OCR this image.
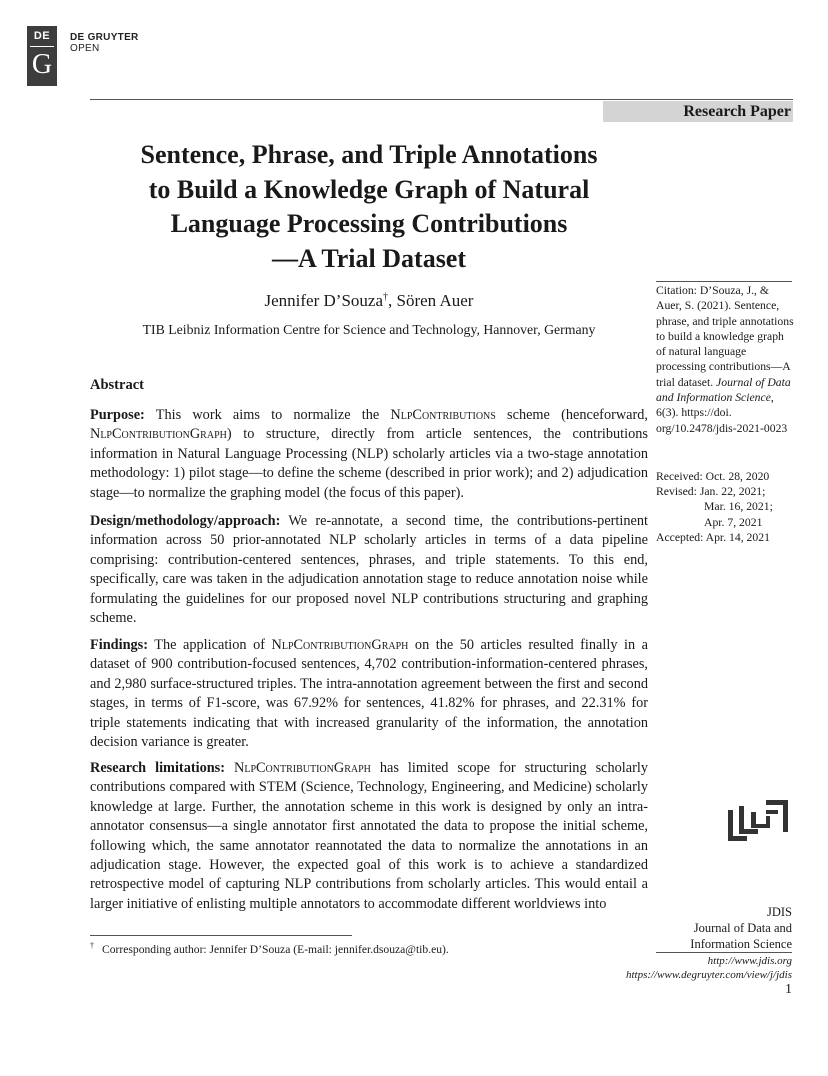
DE
G
DE GRUYTER
OPEN
Research Paper
Sentence, Phrase, and Triple Annotations
to Build a Knowledge Graph of Natural
Language Processing Contributions
—A Trial Dataset
Jennifer D’Souza†, Sören Auer
TIB Leibniz Information Centre for Science and Technology, Hannover, Germany
Abstract
Purpose: This work aims to normalize the NlpContributions scheme (henceforward, NlpContributionGraph) to structure, directly from article sentences, the contributions information in Natural Language Processing (NLP) scholarly articles via a two-stage annotation methodology: 1) pilot stage—to define the scheme (described in prior work); and 2) adjudication stage—to normalize the graphing model (the focus of this paper).
Design/methodology/approach: We re-annotate, a second time, the contributions-pertinent information across 50 prior-annotated NLP scholarly articles in terms of a data pipeline comprising: contribution-centered sentences, phrases, and triple statements. To this end, specifically, care was taken in the adjudication annotation stage to reduce annotation noise while formulating the guidelines for our proposed novel NLP contributions structuring and graphing scheme.
Findings: The application of NlpContributionGraph on the 50 articles resulted finally in a dataset of 900 contribution-focused sentences, 4,702 contribution-information-centered phrases, and 2,980 surface-structured triples. The intra-annotation agreement between the first and second stages, in terms of F1-score, was 67.92% for sentences, 41.82% for phrases, and 22.31% for triple statements indicating that with increased granularity of the information, the annotation decision variance is greater.
Research limitations: NlpContributionGraph has limited scope for structuring scholarly contributions compared with STEM (Science, Technology, Engineering, and Medicine) scholarly knowledge at large. Further, the annotation scheme in this work is designed by only an intra-annotator consensus—a single annotator first annotated the data to propose the initial scheme, following which, the same annotator reannotated the data to normalize the annotations in an adjudication stage. However, the expected goal of this work is to achieve a standardized retrospective model of capturing NLP contributions from scholarly articles. This would entail a larger initiative of enlisting multiple annotators to accommodate different worldviews into
Citation: D’Souza, J., & Auer, S. (2021). Sentence, phrase, and triple annotations to build a knowledge graph of natural language processing contributions—A trial dataset. Journal of Data and Information Science, 6(3). https://doi. org/10.2478/jdis-2021-0023
Received: Oct. 28, 2020
Revised: Jan. 22, 2021;
Mar. 16, 2021;
Apr. 7, 2021
Accepted: Apr. 14, 2021
JDIS
Journal of Data and
Information Science
http://www.jdis.org
https://www.degruyter.com/view/j/jdis
1
† Corresponding author: Jennifer D’Souza (E-mail: jennifer.dsouza@tib.eu).
